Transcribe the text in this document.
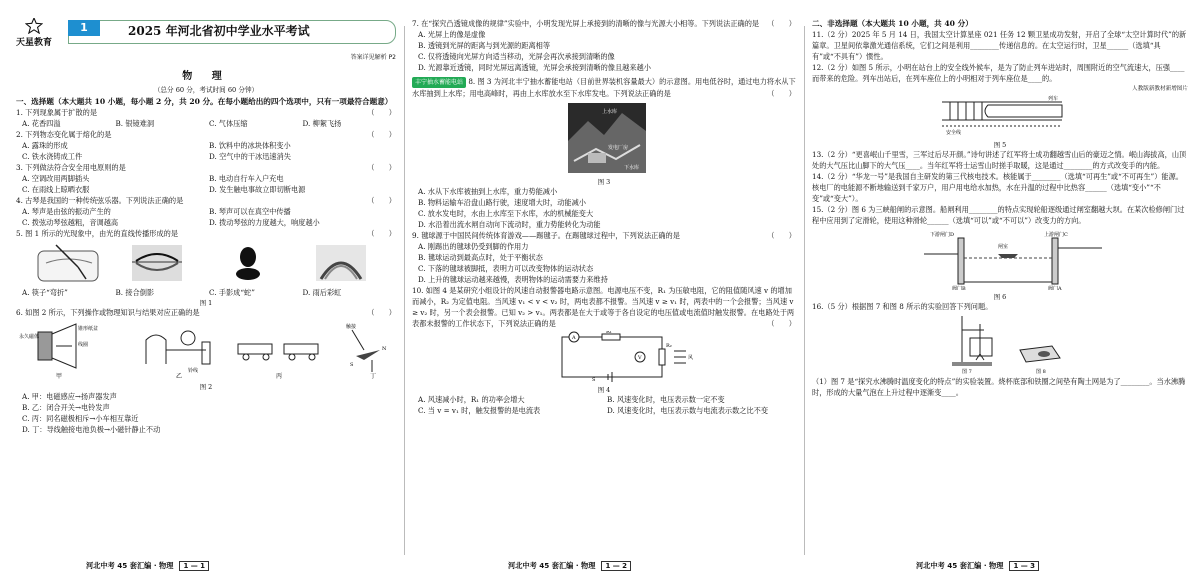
天星教育
1	2025 年河北省初中学业水平考试
答案详见解析 P2
物 理
（总分 60 分，考试时间 60 分钟）

一、选择题（本大题共 10 小题，每小题 2 分，共 20 分。在每小题给出的四个选项中，只有一项最符合题意）

1. 下列现象属于扩散的是	（　　）

A. 花香四溢	B. 银镜难洞	C. 气体压缩	D. 柳絮飞扬

2. 下列物态变化属于熔化的是	（　　）

A. 露珠的形成	B. 饮料中的冰块体积变小
C. 铁水浇铸成工件	D. 空气中的干冰迅速消失

3. 下列做法符合安全用电原则的是	（　　）

A. 空调改用两脚插头	B. 电动自行车入户充电
C. 在雨线上晾晒衣服	D. 发生触电事故立即切断电源

4. 古琴是我国的一种传统弦乐器。下列说法正确的是	（　　）

A. 琴声是由弦的振动产生的	B. 琴声可以在真空中传播
C. 拨弦动琴弦越粗，音调越高	D. 拨动琴弦的力度越大，响度越小

5. 图 1 所示的光现象中，由光的直线传播形成的是	（　　）

A. 筷子“弯折”	B. 接合倒影	C. 手影成“蛇”	D. 雨后彩虹
图 1

6. 如图 2 所示，下列操作或物理知识与结果对应正确的是	（　　）

永久磁体
锥形纸盆
线圈
铃线
触接
N
S
甲	乙	丙	丁
图 2

A. 甲：电磁感应→扬声器发声

B. 乙：闭合开关→电铃发声

C. 丙：同名磁极相斥→小车相互靠近

D. 丁：导线触接电池负极→小磁针静止不动

河北中考 45 套汇编 · 物理 1 — 1

7. 在“探究凸透镜成像的规律”实验中，小明发现光屏上承接到的清晰的像与光源大小相等。下列说法正确的是 （　　）

A. 光屏上的像是虚像

B. 透镜到光屏的距离与到光源的距离相等

C. 仅将透镜向光屏方向适当移动，光屏会再次承接到清晰的像

D. 光源靠近透镜，同时光屏远离透镜，光屏会承接到清晰的像且越来越小

丰宁抽水蓄能电站 8. 图 3 为河北丰宁抽水蓄能电站（目前世界装机容量最大）的示意图。用电低谷时，通过电力将水从下水库抽到上水库；用电高峰时，再由上水库放水至下水库发电。下列说法正确的是	（　　）

上水库
发电厂房
下水库
图 3

A. 水从下水库被抽到上水库，重力势能减小

B. 物料运输车沿盘山路行驶，速度增大时，动能减小

C. 放水发电时，水由上水库至下水库，水的机械能变大

D. 水沿着出流水闸自动向下流动时，重力势能转化为动能

9. 毽球源于中国民间传统体育游戏——踢毽子。在踢毽球过程中，下列说法正确的是	（　　）

A. 刚踢出的毽球仍受到脚的作用力

B. 毽球运动到最高点时，处于平衡状态

C. 下落的毽球被脚抵，表明力可以改变物体的运动状态

D. 上升的毽球运动越来越慢，表明物体的运动需要力来维持

10. 如图 4 是某研究小组设计的风速自动报警器电路示意图。电源电压不变，R₁ 为压敏电阻，它的阻值随风速 v 的增加而减小，R₂ 为定值电阻。当风速 v₁ < v < v₂ 时，两电表都不报警。当风速 v ≥ v₁ 时，两表中的一个会报警；当风速 v ≥ v₂ 时，另一个表会报警。已知 v₂ > v₁。两表都是在大于或等于各自设定的电压值或电流值时触发报警。在电路处于两表都未报警的工作状态下，下列说法正确的是	（　　）

A
R₁
V
R₂
风
S
图 4
A. 风速减小时，R₁ 的功率会增大	B. 风速变化时，电压表示数一定不变
C. 当 v = v₁ 时，触发报警的是电流表	D. 风速变化时，电压表示数与电流表示数之比不变
河北中考 45 套汇编 · 物理 1 — 2

二、非选择题（本大题共 10 小题，共 40 分）

11.（2 分）2025 年 5 月 14 日，我国太空计算星座 021 任务 12 颗卫星成功发射，开启了全球“太空计算时代”的新篇章。卫星间依靠激光通信系统，它们之间是利用________传递信息的。在太空运行时，卫星______（选填“具有”或“不具有”）惯性。

12.（2 分）如图 5 所示，小明在站台上的安全线外候车，是为了防止列车进站时，周围附近的空气流速大，压强____而带来的危险。列车出站后，在列车座位上的小明相对于列车座位是____的。

人教版新教材新增图片
安全线
列车
图 5

13.（2 分）“更喜岷山千里雪，三军过后尽开颜。”诗句讲述了红军将士成功翻越雪山后的豪迈之情。岷山海拔高，山顶处的大气压比山脚下的大气压____。当年红军将士运雪山时搓手取暖，这是通过________的方式改变手的内能。

14.（2 分）“华龙一号”是我国自主研发的第三代核电技术。核能属于________（选填“可再生”或“不可再生”）能源。核电厂的电能源不断地输送到千家万户，用户用电给水加热，水在升温的过程中比热容______（选填“变小”“不变”或“变大”）。

15.（2 分）图 6 为三峡船闸的示意图。船闸利用________的特点实现轮船逐级通过闸室翻越大坝。在某次检修闸门过程中应用到了定滑轮，使用这种滑轮______（选填“可以”或“不可以”）改变力的方向。

下游闸门D
闸室
上游闸门C
阀门B	阀门A
图 6

16.（5 分）根据图 7 和图 8 所示的实验回答下列问题。

图 7	图 8

（1）图 7 是“探究水沸腾时温度变化的特点”的实验装置。烧杯底部和铁圈之间垫有陶土网是为了________。当水沸腾时，形成的大量气泡在上升过程中逐渐变____。

河北中考 45 套汇编 · 物理 1 — 3
